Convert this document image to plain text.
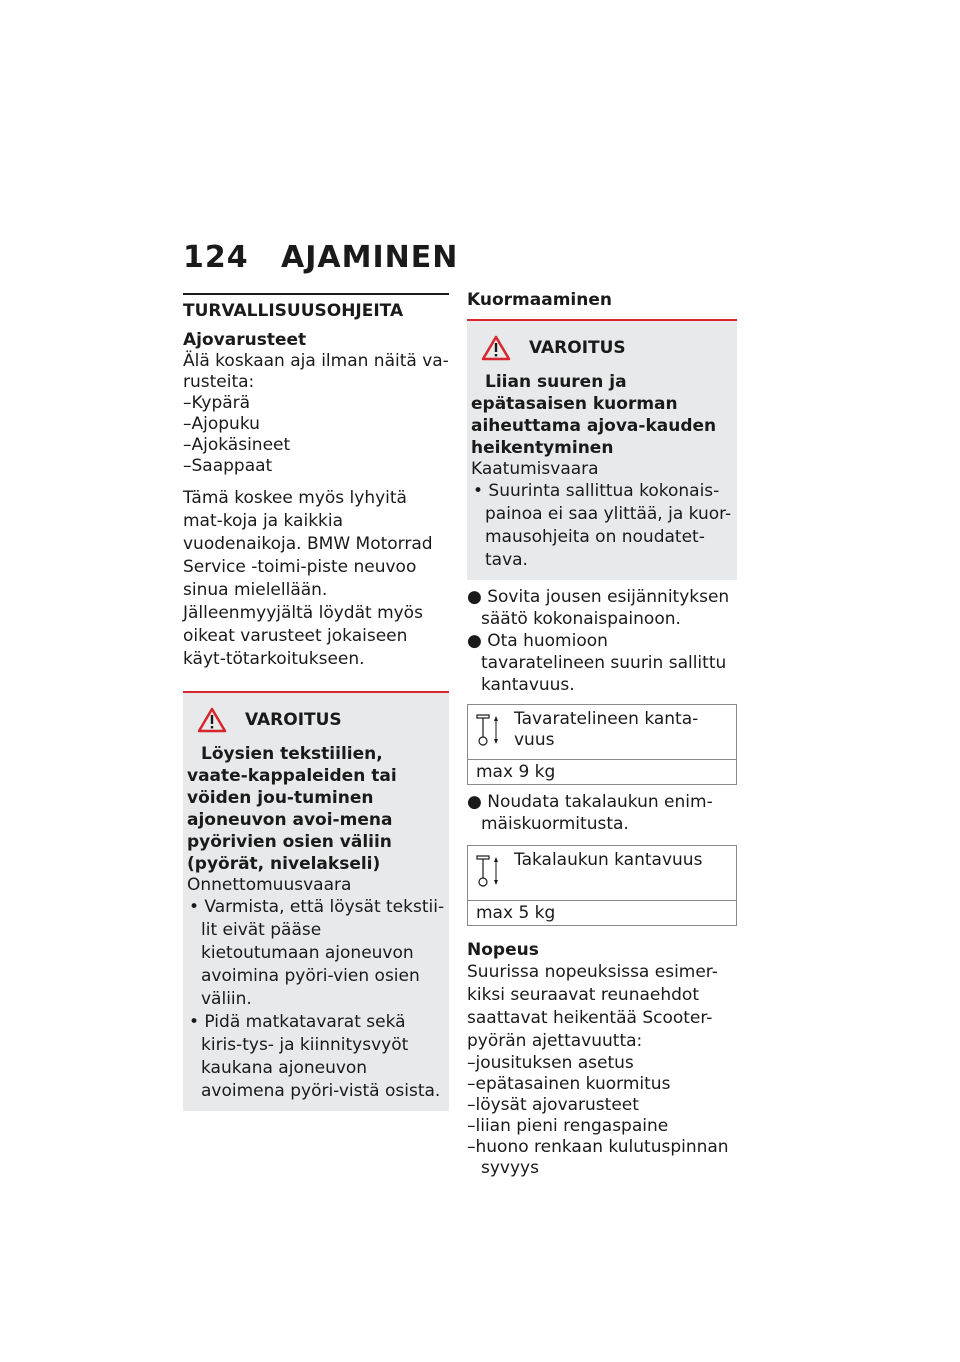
124 AJAMINEN
TURVALLISUUSOHJEITA
Ajovarusteet

Älä koskaan aja ilman näitä va-rusteita:

–Kypärä
–Ajopuku
–Ajokäsineet
–Saappaat

Tämä koskee myös lyhyitä mat-koja ja kaikkia vuodenaikoja. BMW Motorrad Service -toimi-piste neuvoo sinua mielellään. Jälleenmyyjältä löydät myös oikeat varusteet jokaiseen käyt-tötarkoitukseen.

VAROITUS

Löysien tekstiilien, vaate-kappaleiden tai vöiden jou-tuminen ajoneuvon avoi-mena pyörivien osien väliin (pyörät, nivelakseli)

Onnettomuusvaara

• Varmista, että löysät tekstii-lit eivät pääse kietoutumaan ajoneuvon avoimina pyöri-vien osien väliin.

• Pidä matkatavarat sekä kiris-tys- ja kiinnitysvyöt kaukana ajoneuvon avoimena pyöri-vistä osista.

Kuormaaminen
VAROITUS

Liian suuren ja epätasaisen kuorman aiheuttama ajova-kauden heikentyminen

Kaatumisvaara

• Suurinta sallittua kokonais-painoa ei saa ylittää, ja kuor-mausohjeita on noudatet-tava.

● Sovita jousen esijännityksen säätö kokonaispainoon.

● Ota huomioon tavaratelineen suurin sallittu kantavuus.

Tavaratelineen kanta-vuus
max 9 kg

● Noudata takalaukun enim-mäiskuormitusta.

Takalaukun kantavuus
max 5 kg
Nopeus

Suurissa nopeuksissa esimer-kiksi seuraavat reunaehdot saattavat heikentää Scooter-pyörän ajettavuutta:

–jousituksen asetus
–epätasainen kuormitus
–löysät ajovarusteet
–liian pieni rengaspaine
–huono renkaan kulutuspinnan syvyys
